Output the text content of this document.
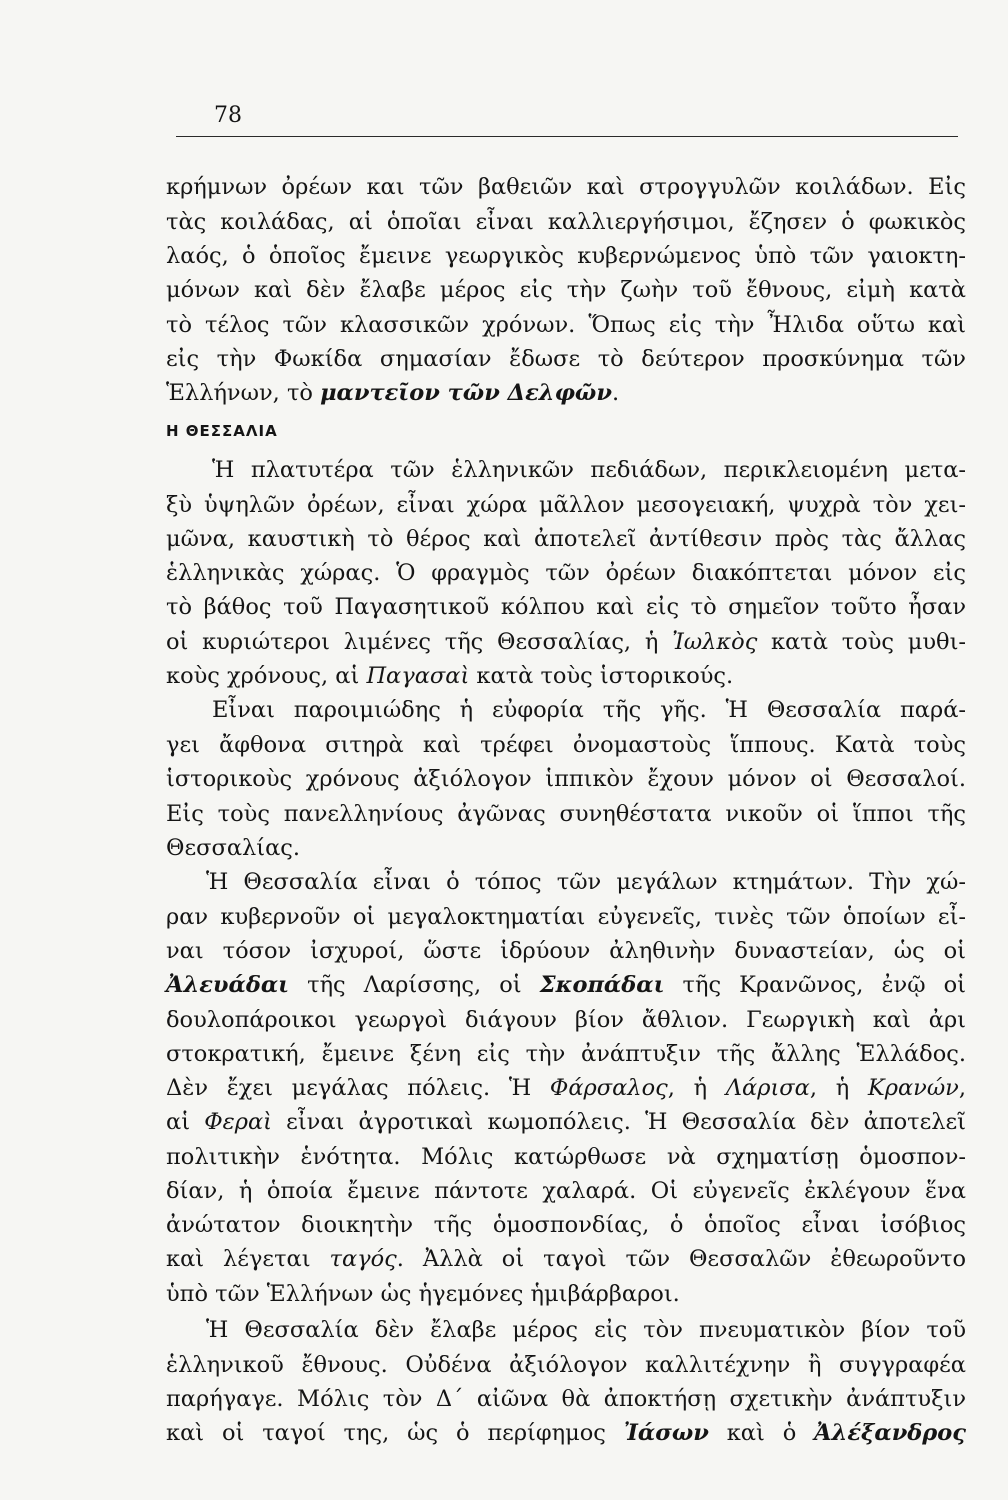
78
Η ΘΕΣΣΑΛΙΑ
κρήμνων ὀρέων και τῶν βαθειῶν καὶ στρογγυλῶν κοιλάδων. Εἰς
τὰς κοιλάδας, αἱ ὁποῖαι εἶναι καλλιεργήσιμοι, ἔζησεν ὁ φωκικὸς
λαός, ὁ ὁποῖος ἔμεινε γεωργικὸς κυβερνώμενος ὑπὸ τῶν γαιοκτη-
μόνων καὶ δὲν ἔλαβε μέρος εἰς τὴν ζωὴν τοῦ ἔθνους, εἰμὴ κατὰ
τὸ τέλος τῶν κλασσικῶν χρόνων. Ὅπως εἰς τὴν Ἦλιδα οὕτω καὶ
εἰς τὴν Φωκίδα σημασίαν ἔδωσε τὸ δεύτερον προσκύνημα τῶν
Ἑλλήνων, τὸ μαντεῖον τῶν Δελφῶν.
Ἡ πλατυτέρα τῶν ἑλληνικῶν πεδιάδων, περικλειομένη μετα-
ξὺ ὑψηλῶν ὀρέων, εἶναι χώρα μᾶλλον μεσογειακή, ψυχρὰ τὸν χει-
μῶνα, καυστικὴ τὸ θέρος καὶ ἀποτελεῖ ἀντίθεσιν πρὸς τὰς ἄλλας
ἑλληνικὰς χώρας. Ὁ φραγμὸς τῶν ὀρέων διακόπτεται μόνον εἰς
τὸ βάθος τοῦ Παγασητικοῦ κόλπου καὶ εἰς τὸ σημεῖον τοῦτο ἦσαν
οἱ κυριώτεροι λιμένες τῆς Θεσσαλίας, ἡ Ἰωλκὸς κατὰ τοὺς μυθι-
κοὺς χρόνους, αἱ Παγασαὶ κατὰ τοὺς ἱστορικούς.
Εἶναι παροιμιώδης ἡ εὐφορία τῆς γῆς. Ἡ Θεσσαλία παρά-
γει ἄφθονα σιτηρὰ καὶ τρέφει ὀνομαστοὺς ἵππους. Κατὰ τοὺς
ἱστορικοὺς χρόνους ἀξιόλογον ἱππικὸν ἔχουν μόνον οἱ Θεσσαλοί.
Εἰς τοὺς πανελληνίους ἀγῶνας συνηθέστατα νικοῦν οἱ ἵπποι τῆς
Θεσσαλίας.
Ἡ Θεσσαλία εἶναι ὁ τόπος τῶν μεγάλων κτημάτων. Τὴν χώ-
ραν κυβερνοῦν οἱ μεγαλοκτηματίαι εὐγενεῖς, τινὲς τῶν ὁποίων εἶ-
ναι τόσον ἰσχυροί, ὥστε ἱδρύουν ἀληθινὴν δυναστείαν, ὡς οἱ
Ἀλευάδαι τῆς Λαρίσσης, οἱ Σκοπάδαι τῆς Κρανῶνος, ἐνῷ οἱ
δουλοπάροικοι γεωργοὶ διάγουν βίον ἄθλιον. Γεωργικὴ καὶ ἀρι
στοκρατική, ἔμεινε ξένη εἰς τὴν ἀνάπτυξιν τῆς ἄλλης Ἑλλάδος.
Δὲν ἔχει μεγάλας πόλεις. Ἡ Φάρσαλος, ἡ Λάρισα, ἡ Κρανών,
αἱ Φεραὶ εἶναι ἀγροτικαὶ κωμοπόλεις. Ἡ Θεσσαλία δὲν ἀποτελεῖ
πολιτικὴν ἑνότητα. Μόλις κατώρθωσε νὰ σχηματίσῃ ὁμοσπον-
δίαν, ἡ ὁποία ἔμεινε πάντοτε χαλαρά. Οἱ εὐγενεῖς ἐκλέγουν ἕνα
ἀνώτατον διοικητὴν τῆς ὁμοσπονδίας, ὁ ὁποῖος εἶναι ἰσόβιος
καὶ λέγεται ταγός. Ἀλλὰ οἱ ταγοὶ τῶν Θεσσαλῶν ἐθεωροῦντο
ὑπὸ τῶν Ἑλλήνων ὡς ἡγεμόνες ἡμιβάρβαροι.
Ἡ Θεσσαλία δὲν ἔλαβε μέρος εἰς τὸν πνευματικὸν βίον τοῦ
ἑλληνικοῦ ἔθνους. Οὐδένα ἀξιόλογον καλλιτέχνην ἢ συγγραφέα
παρήγαγε. Μόλις τὸν Δ´ αἰῶνα θὰ ἀποκτήσῃ σχετικὴν ἀνάπτυξιν
καὶ οἱ ταγοί της, ὡς ὁ περίφημος Ἰάσων καὶ ὁ Ἀλέξανδρος
